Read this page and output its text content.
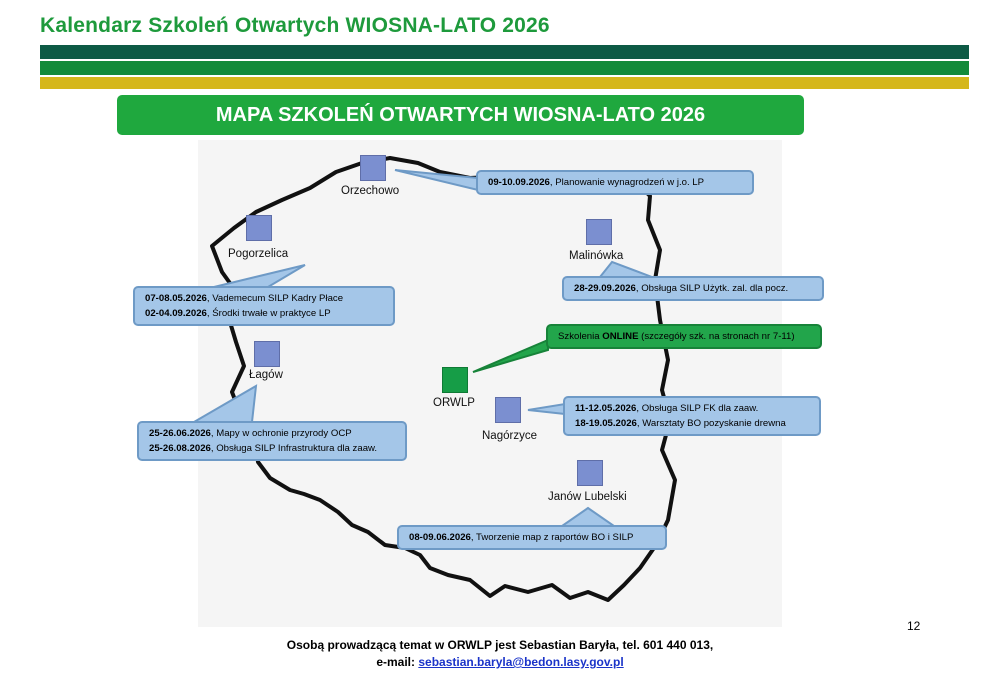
Kalendarz Szkoleń Otwartych WIOSNA-LATO 2026
MAPA SZKOLEŃ OTWARTYCH WIOSNA-LATO 2026
Orzechowo
Pogorzelica	Malinówka
Łagów
ORWLP
Nagórzyce
Janów Lubelski
09-10.09.2026, Planowanie wynagrodzeń w j.o. LP
07-08.05.2026, Vademecum SILP Kadry Płace
02-04.09.2026, Środki trwałe w praktyce LP
28-29.09.2026, Obsługa SILP Użytk. zal. dla pocz.
Szkolenia ONLINE (szczegóły szk. na stronach nr 7-11)
11-12.05.2026, Obsługa SILP FK dla zaaw.
18-19.05.2026, Warsztaty BO pozyskanie drewna
25-26.06.2026, Mapy w ochronie przyrody OCP
25-26.08.2026, Obsługa SILP Infrastruktura dla zaaw.
08-09.06.2026, Tworzenie map z raportów BO i SILP
12
Osobą prowadzącą temat w ORWLP jest Sebastian Baryła, tel. 601 440 013,
e-mail: sebastian.baryla@bedon.lasy.gov.pl
